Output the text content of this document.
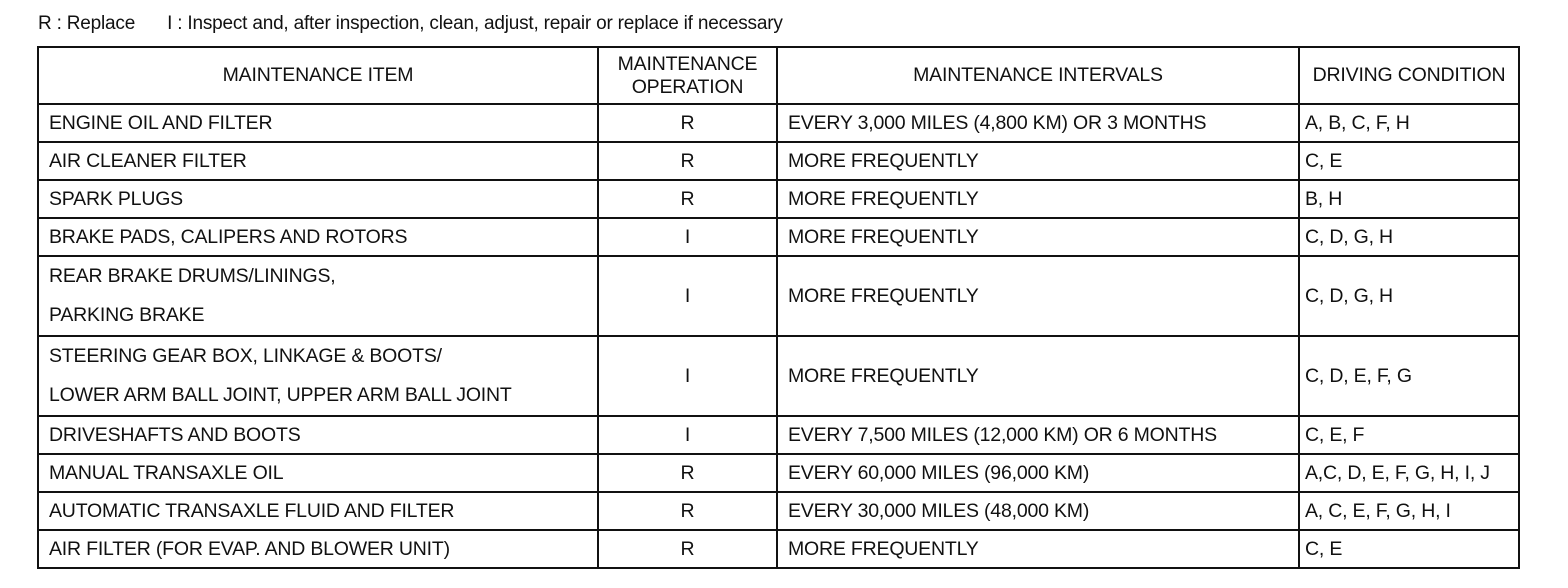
R : Replace I : Inspect and, after inspection, clean, adjust, repair or replace if necessary
MAINTENANCE ITEM	MAINTENANCE OPERATION	MAINTENANCE INTERVALS	DRIVING CONDITION
ENGINE OIL AND FILTER	R	EVERY 3,000 MILES (4,800 KM) OR 3 MONTHS	A, B, C, F, H
AIR CLEANER FILTER	R	MORE FREQUENTLY	C, E
SPARK PLUGS	R	MORE FREQUENTLY	B, H
BRAKE PADS, CALIPERS AND ROTORS	I	MORE FREQUENTLY	C, D, G, H

REAR BRAKE DRUMS/LININGS,
PARKING BRAKE	I	MORE FREQUENTLY	C, D, G, H

STEERING GEAR BOX, LINKAGE & BOOTS/
LOWER ARM BALL JOINT, UPPER ARM BALL JOINT	I	MORE FREQUENTLY	C, D, E, F, G
DRIVESHAFTS AND BOOTS	I	EVERY 7,500 MILES (12,000 KM) OR 6 MONTHS	C, E, F
MANUAL TRANSAXLE OIL	R	EVERY 60,000 MILES (96,000 KM)	A,C, D, E, F, G, H, I, J
AUTOMATIC TRANSAXLE FLUID AND FILTER	R	EVERY 30,000 MILES (48,000 KM)	A, C, E, F, G, H, I
AIR FILTER (FOR EVAP. AND BLOWER UNIT)	R	MORE FREQUENTLY	C, E
